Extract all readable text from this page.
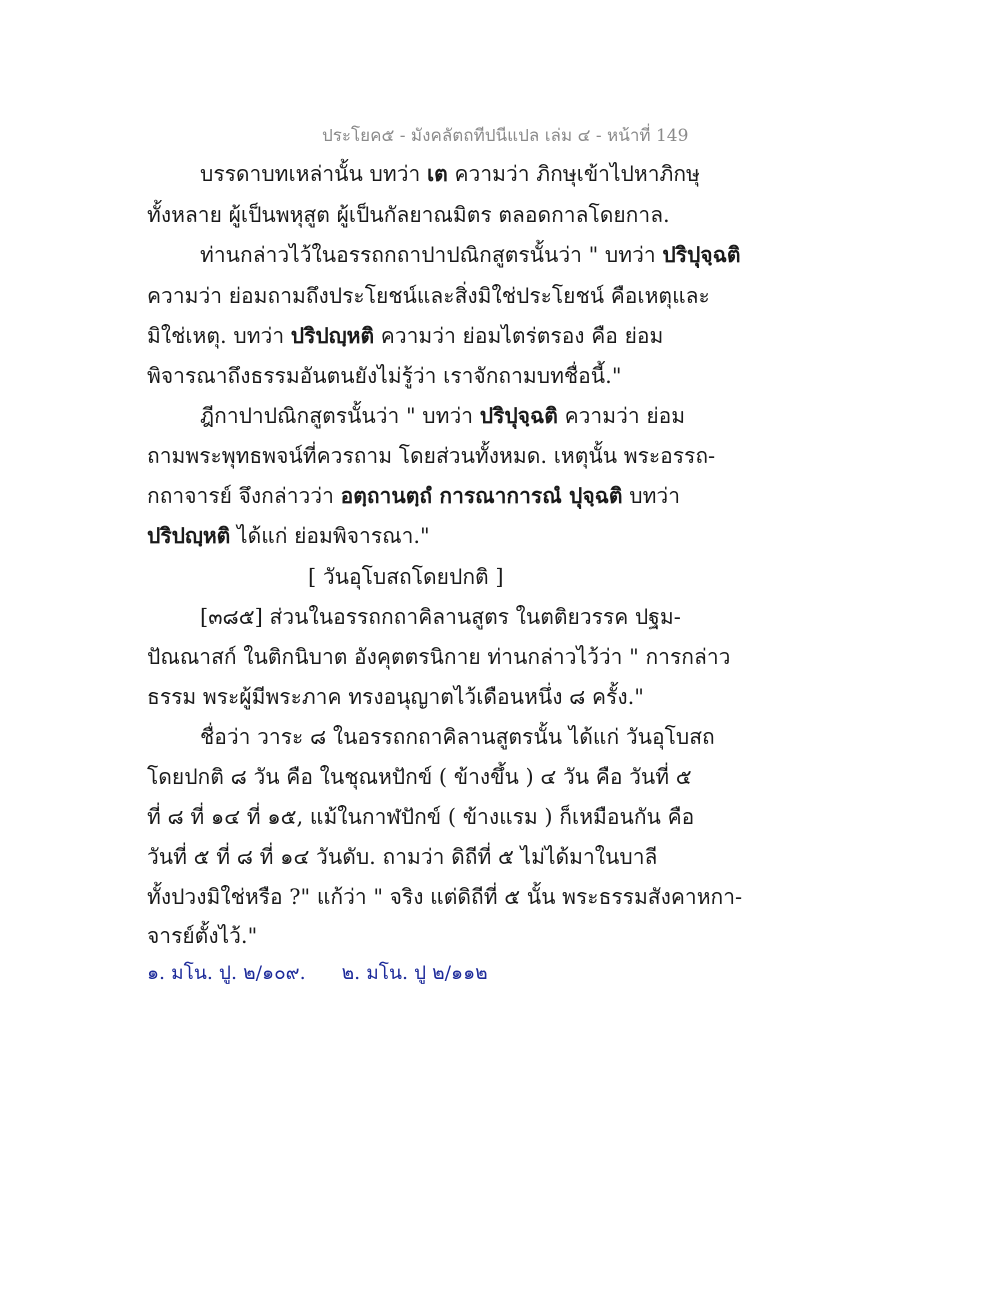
ประโยค๕ - มังคลัตถทีปนีแปล เล่ม ๔ - หน้าที่ 149
บรรดาบทเหล่านั้น บทว่า เต ความว่า ภิกษุเข้าไปหาภิกษุ
ทั้งหลาย ผู้เป็นพหุสูต ผู้เป็นกัลยาณมิตร ตลอดกาลโดยกาล.
ท่านกล่าวไว้ในอรรถกถาปาปณิกสูตรนั้นว่า " บทว่า ปริปุจฺฉติ
ความว่า ย่อมถามถึงประโยชน์และสิ่งมิใช่ประโยชน์ คือเหตุและ
มิใช่เหตุ. บทว่า ปริปญฺหติ ความว่า ย่อมไตร่ตรอง คือ ย่อม
พิจารณาถึงธรรมอันตนยังไม่รู้ว่า เราจักถามบทชื่อนี้."
ฎีกาปาปณิกสูตรนั้นว่า " บทว่า ปริปุจฺฉติ ความว่า ย่อม
ถามพระพุทธพจน์ที่ควรถาม โดยส่วนทั้งหมด. เหตุนั้น พระอรรถ-
กถาจารย์ จึงกล่าวว่า อตฺถานตฺถํ การณาการณํ ปุจฺฉติ บทว่า
ปริปญฺหติ ได้แก่ ย่อมพิจารณา."
[ วันอุโบสถโดยปกติ ]
[๓๘๕] ส่วนในอรรถกถาคิลานสูตร ในตติยวรรค ปฐม-
ปัณณาสก์ ในติกนิบาต อังคุตตรนิกาย ท่านกล่าวไว้ว่า " การกล่าว
ธรรม พระผู้มีพระภาค ทรงอนุญาตไว้เดือนหนึ่ง ๘ ครั้ง."
ชื่อว่า วาระ ๘ ในอรรถกถาคิลานสูตรนั้น ได้แก่ วันอุโบสถ
โดยปกติ ๘ วัน คือ ในชุณหปักข์ ( ข้างขึ้น ) ๔ วัน คือ วันที่ ๕
ที่ ๘ ที่ ๑๔ ที่ ๑๕, แม้ในกาฬปักข์ ( ข้างแรม ) ก็เหมือนกัน คือ
วันที่ ๕ ที่ ๘ ที่ ๑๔ วันดับ. ถามว่า ดิถีที่ ๕ ไม่ได้มาในบาลี
ทั้งปวงมิใช่หรือ ?" แก้ว่า " จริง แต่ดิถีที่ ๕ นั้น พระธรรมสังคาหกา-
จารย์ตั้งไว้."
๑. มโน. ปู. ๒/๑๐๙. ๒. มโน. ปู ๒/๑๑๒
